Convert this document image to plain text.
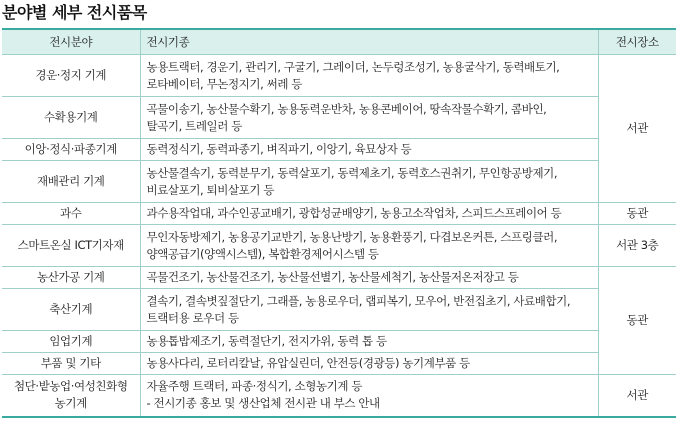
분야별 세부 전시품목
전시분야	전시기종	전시장소

경운·정지 기계	농용트랙터, 경운기, 관리기, 구굴기, 그레이더, 논두렁조성기, 농용굴삭기, 동력배토기,
로타베이터, 무논정지기, 써레 등	서관

수확용기계	곡물이송기, 농산물수확기, 농용동력운반차, 농용콘베이어, 땅속작물수확기, 콤바인,
탈곡기, 트레일러 등	

이앙·정식·파종기계	동력정식기, 동력파종기, 벼직파기, 이앙기, 육묘상자 등	

재배관리 기계	농산물결속기, 동력분무기, 동력살포기, 동력제초기, 동력호스권취기, 무인항공방제기,
비료살포기, 퇴비살포기 등	

과수	과수용작업대, 과수인공교배기, 광합성균배양기, 농용고소작업차, 스피드스프레이어 등	동관

스마트온실 ICT기자재	무인자동방제기, 농용공기교반기, 농용난방기, 농용환풍기, 다겹보온커튼, 스프링클러,
양액공급기(양액시스템), 복합환경제어시스템 등	서관 3층

농산가공 기계	곡물건조기, 농산물건조기, 농산물선별기, 농산물세척기, 농산물저온저장고 등	동관

축산기계	결속기, 결속볏짚절단기, 그래플, 농용로우더, 랩피복기, 모우어, 반전집초기, 사료배합기,
트랙터용 로우더 등	

임업기계	농용톱밥제조기, 동력절단기, 전지가위, 동력 톱 등	

부품 및 기타	농용사다리, 로터리칼날, 유압실린더, 안전등(경광등) 농기계부품 등	

첨단·밭농업·여성친화형
농기계	자율주행 트랙터, 파종·정식기, 소형농기계 등
- 전시기종 홍보 및 생산업체 전시관 내 부스 안내	서관
